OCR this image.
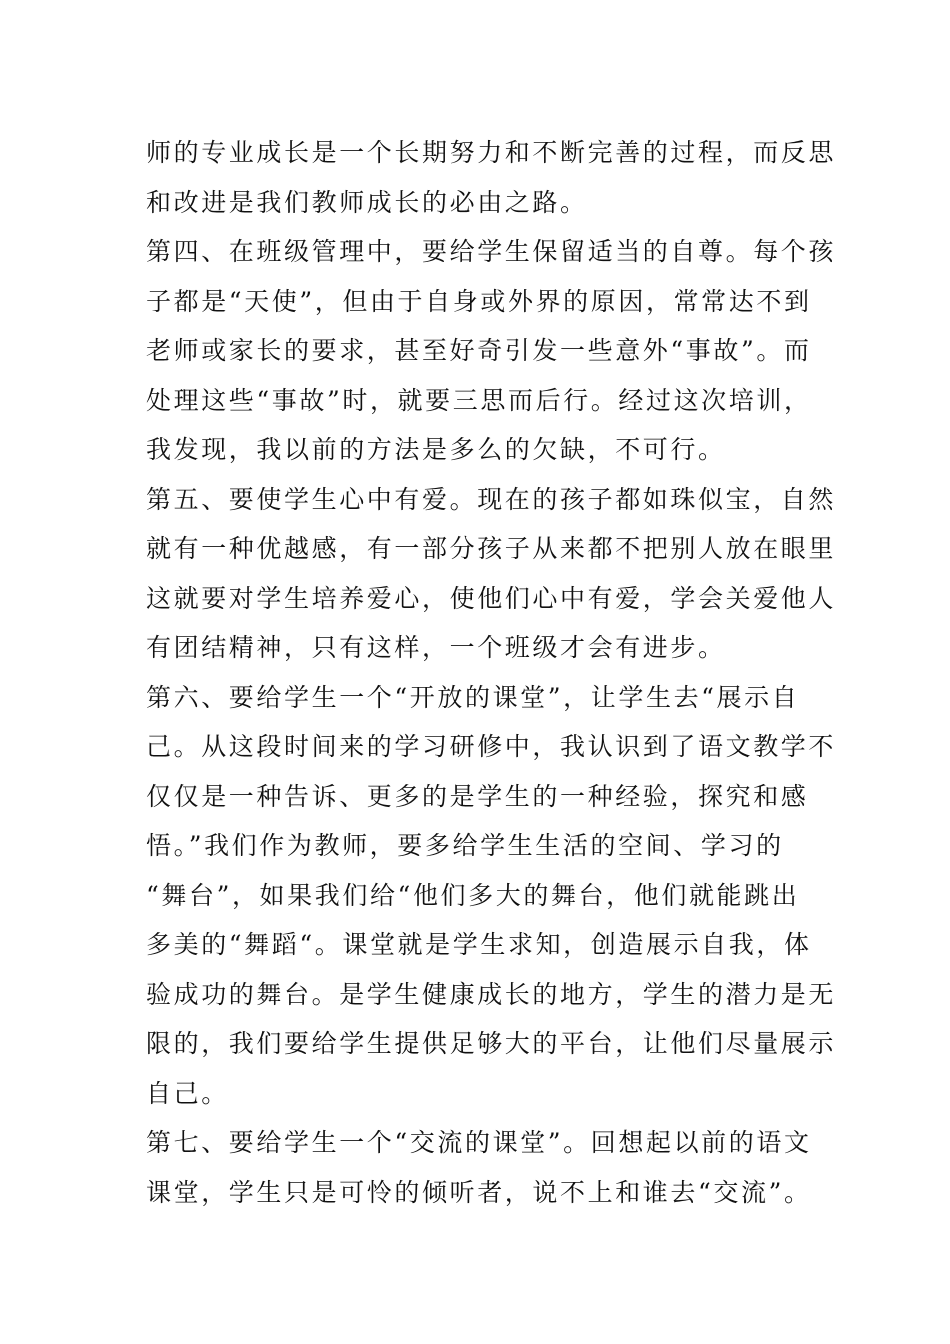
师的专业成长是一个长期努力和不断完善的过程，而反思
和改进是我们教师成长的必由之路。
第四、在班级管理中，要给学生保留适当的自尊。每个孩
子都是“天使”，但由于自身或外界的原因，常常达不到
老师或家长的要求，甚至好奇引发一些意外“事故”。而
处理这些“事故”时，就要三思而后行。经过这次培训，
我发现，我以前的方法是多么的欠缺，不可行。
第五、要使学生心中有爱。现在的孩子都如珠似宝，自然
就有一种优越感，有一部分孩子从来都不把别人放在眼里
这就要对学生培养爱心，使他们心中有爱，学会关爱他人
有团结精神，只有这样，一个班级才会有进步。
第六、要给学生一个“开放的课堂”，让学生去“展示自
己。从这段时间来的学习研修中，我认识到了语文教学不
仅仅是一种告诉、更多的是学生的一种经验，探究和感
悟。”我们作为教师，要多给学生生活的空间、学习的
“舞台”，如果我们给“他们多大的舞台，他们就能跳出
多美的“舞蹈“。课堂就是学生求知，创造展示自我，体
验成功的舞台。是学生健康成长的地方，学生的潜力是无
限的，我们要给学生提供足够大的平台，让他们尽量展示
自己。
第七、要给学生一个“交流的课堂”。回想起以前的语文
课堂，学生只是可怜的倾听者，说不上和谁去“交流”。
